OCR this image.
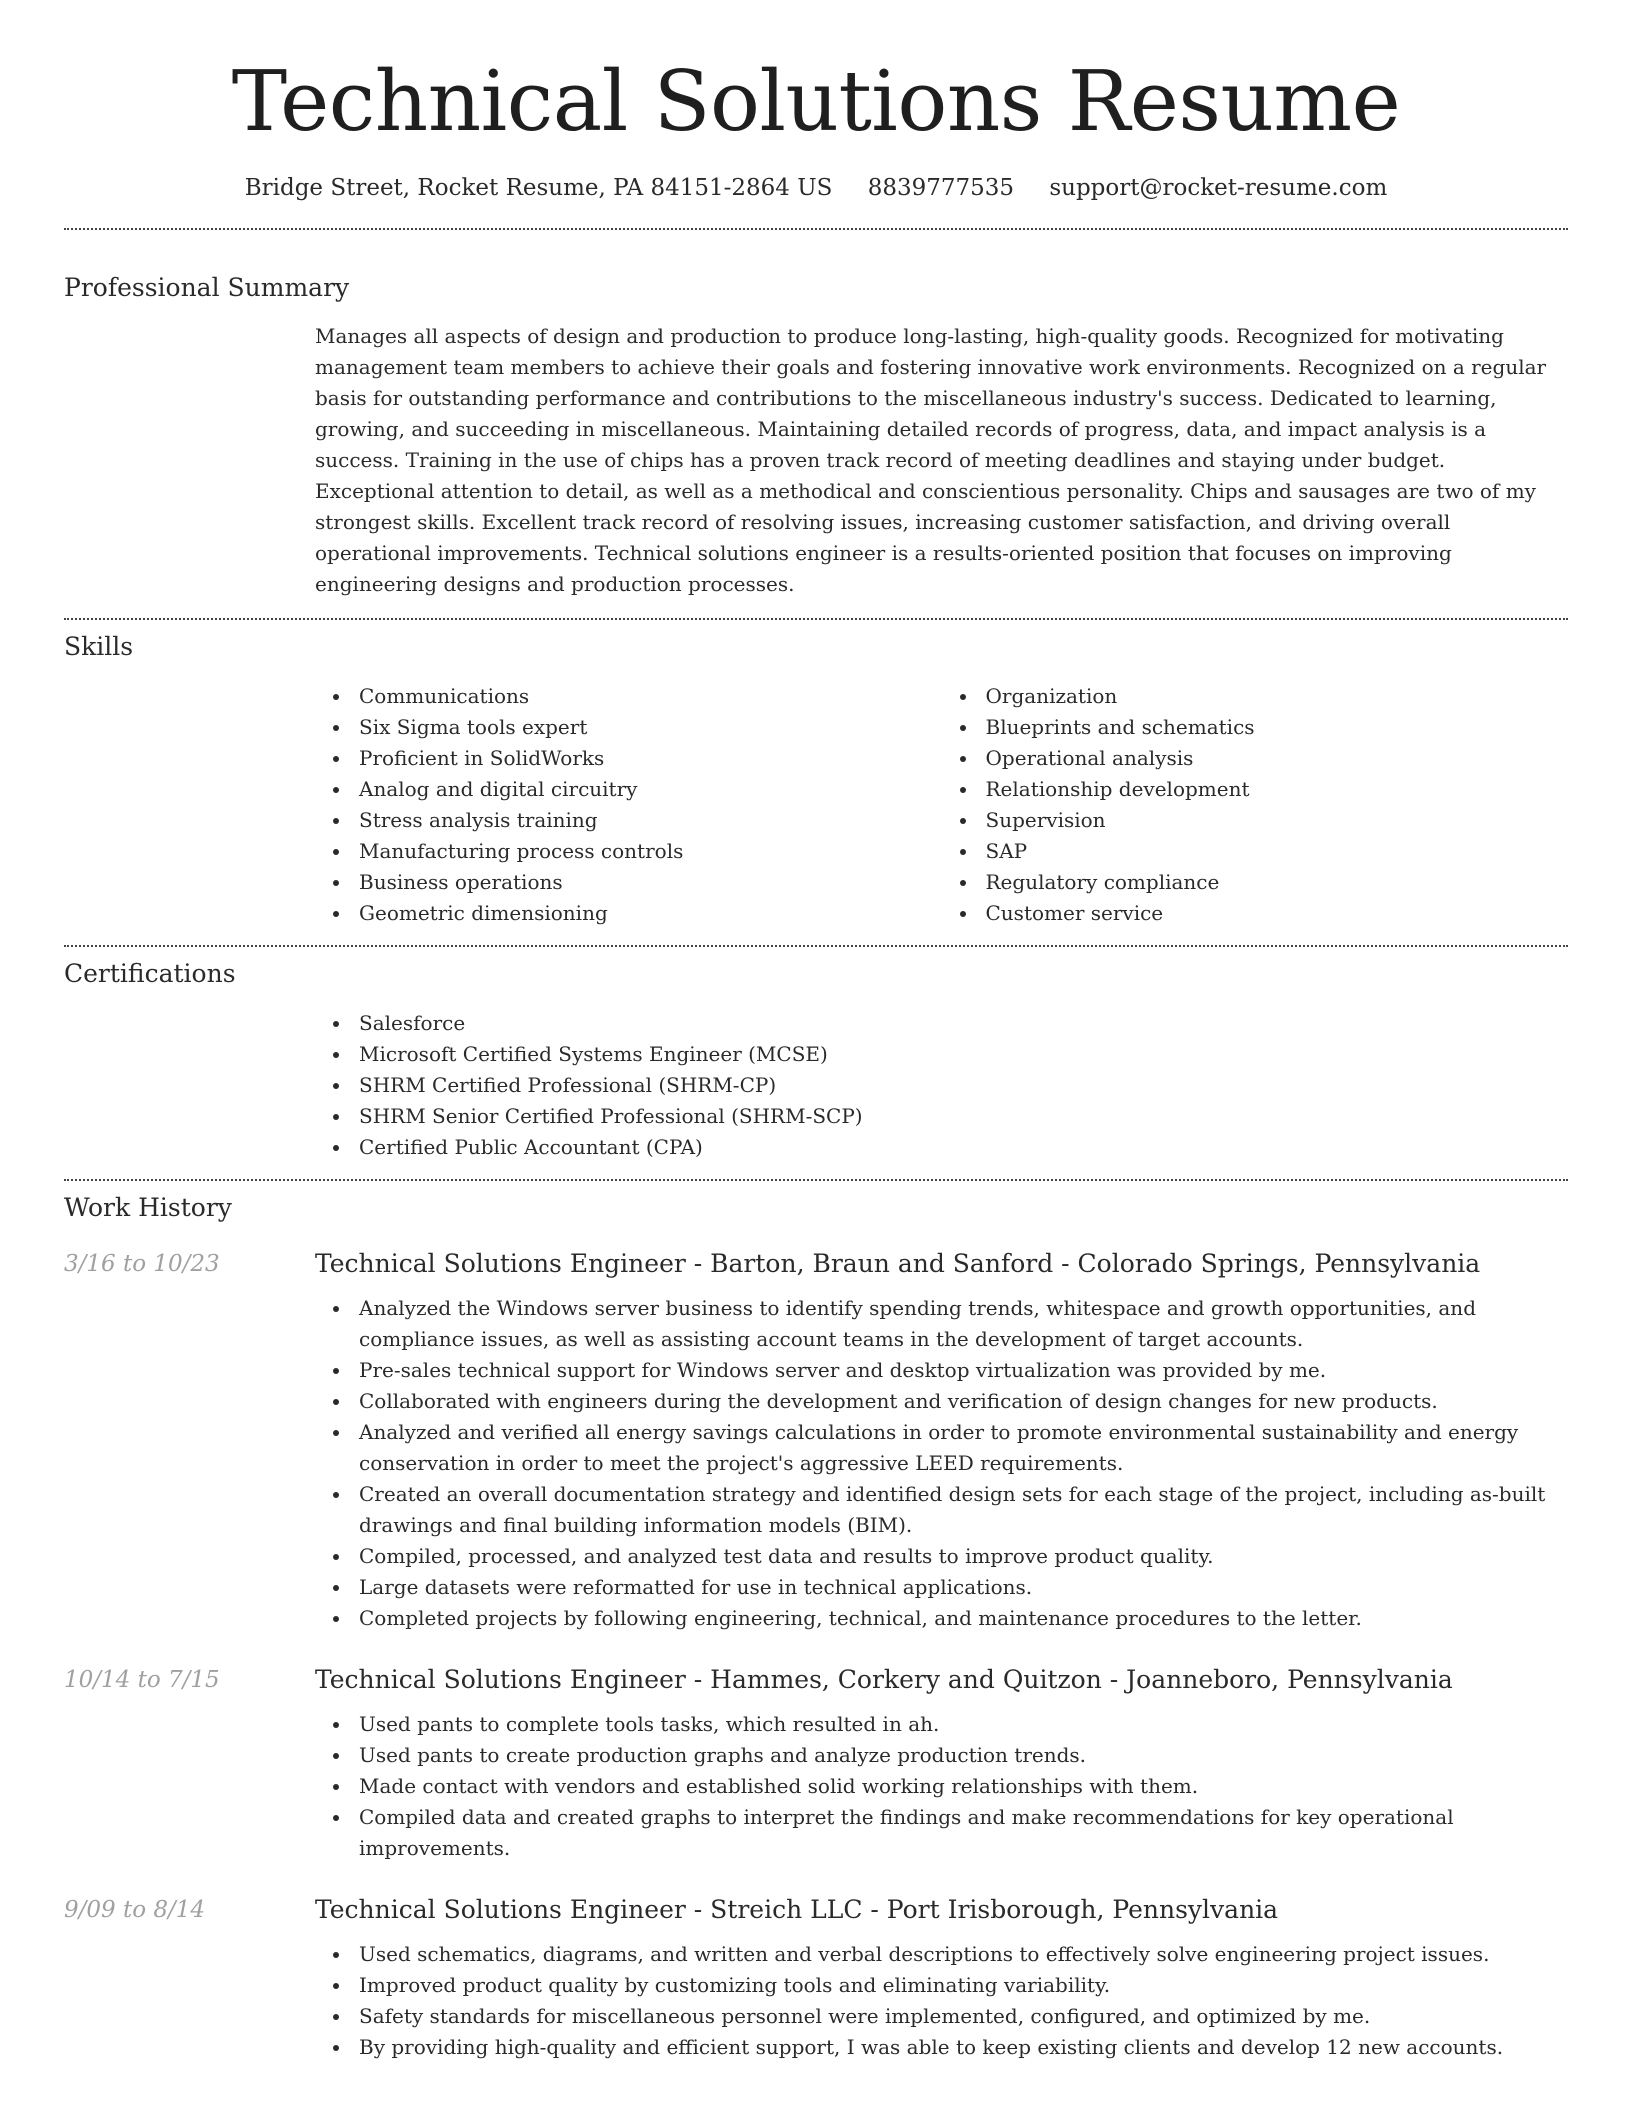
Technical Solutions Resume
Bridge Street, Rocket Resume, PA 84151-2864 US 8839777535 support@rocket-resume.com
Professional Summary
Manages all aspects of design and production to produce long-lasting, high-quality goods. Recognized for motivating management team members to achieve their goals and fostering innovative work environments. Recognized on a regular basis for outstanding performance and contributions to the miscellaneous industry's success. Dedicated to learning, growing, and succeeding in miscellaneous. Maintaining detailed records of progress, data, and impact analysis is a success. Training in the use of chips has a proven track record of meeting deadlines and staying under budget. Exceptional attention to detail, as well as a methodical and conscientious personality. Chips and sausages are two of my strongest skills. Excellent track record of resolving issues, increasing customer satisfaction, and driving overall operational improvements. Technical solutions engineer is a results-oriented position that focuses on improving engineering designs and production processes.
Skills
Communications
Six Sigma tools expert
Proficient in SolidWorks
Analog and digital circuitry
Stress analysis training
Manufacturing process controls
Business operations
Geometric dimensioning
Organization
Blueprints and schematics
Operational analysis
Relationship development
Supervision
SAP
Regulatory compliance
Customer service
Certifications
Salesforce
Microsoft Certified Systems Engineer (MCSE)
SHRM Certified Professional (SHRM-CP)
SHRM Senior Certified Professional (SHRM-SCP)
Certified Public Accountant (CPA)
Work History
3/16 to 10/23	Technical Solutions Engineer - Barton, Braun and Sanford - Colorado Springs, Pennsylvania
Analyzed the Windows server business to identify spending trends, whitespace and growth opportunities, and compliance issues, as well as assisting account teams in the development of target accounts.
Pre-sales technical support for Windows server and desktop virtualization was provided by me.
Collaborated with engineers during the development and verification of design changes for new products.
Analyzed and verified all energy savings calculations in order to promote environmental sustainability and energy conservation in order to meet the project's aggressive LEED requirements.
Created an overall documentation strategy and identified design sets for each stage of the project, including as-built drawings and final building information models (BIM).
Compiled, processed, and analyzed test data and results to improve product quality.
Large datasets were reformatted for use in technical applications.
Completed projects by following engineering, technical, and maintenance procedures to the letter.
10/14 to 7/15	Technical Solutions Engineer - Hammes, Corkery and Quitzon - Joanneboro, Pennsylvania
Used pants to complete tools tasks, which resulted in ah.
Used pants to create production graphs and analyze production trends.
Made contact with vendors and established solid working relationships with them.
Compiled data and created graphs to interpret the findings and make recommendations for key operational improvements.
9/09 to 8/14	Technical Solutions Engineer - Streich LLC - Port Irisborough, Pennsylvania
Used schematics, diagrams, and written and verbal descriptions to effectively solve engineering project issues.
Improved product quality by customizing tools and eliminating variability.
Safety standards for miscellaneous personnel were implemented, configured, and optimized by me.
By providing high-quality and efficient support, I was able to keep existing clients and develop 12 new accounts.
